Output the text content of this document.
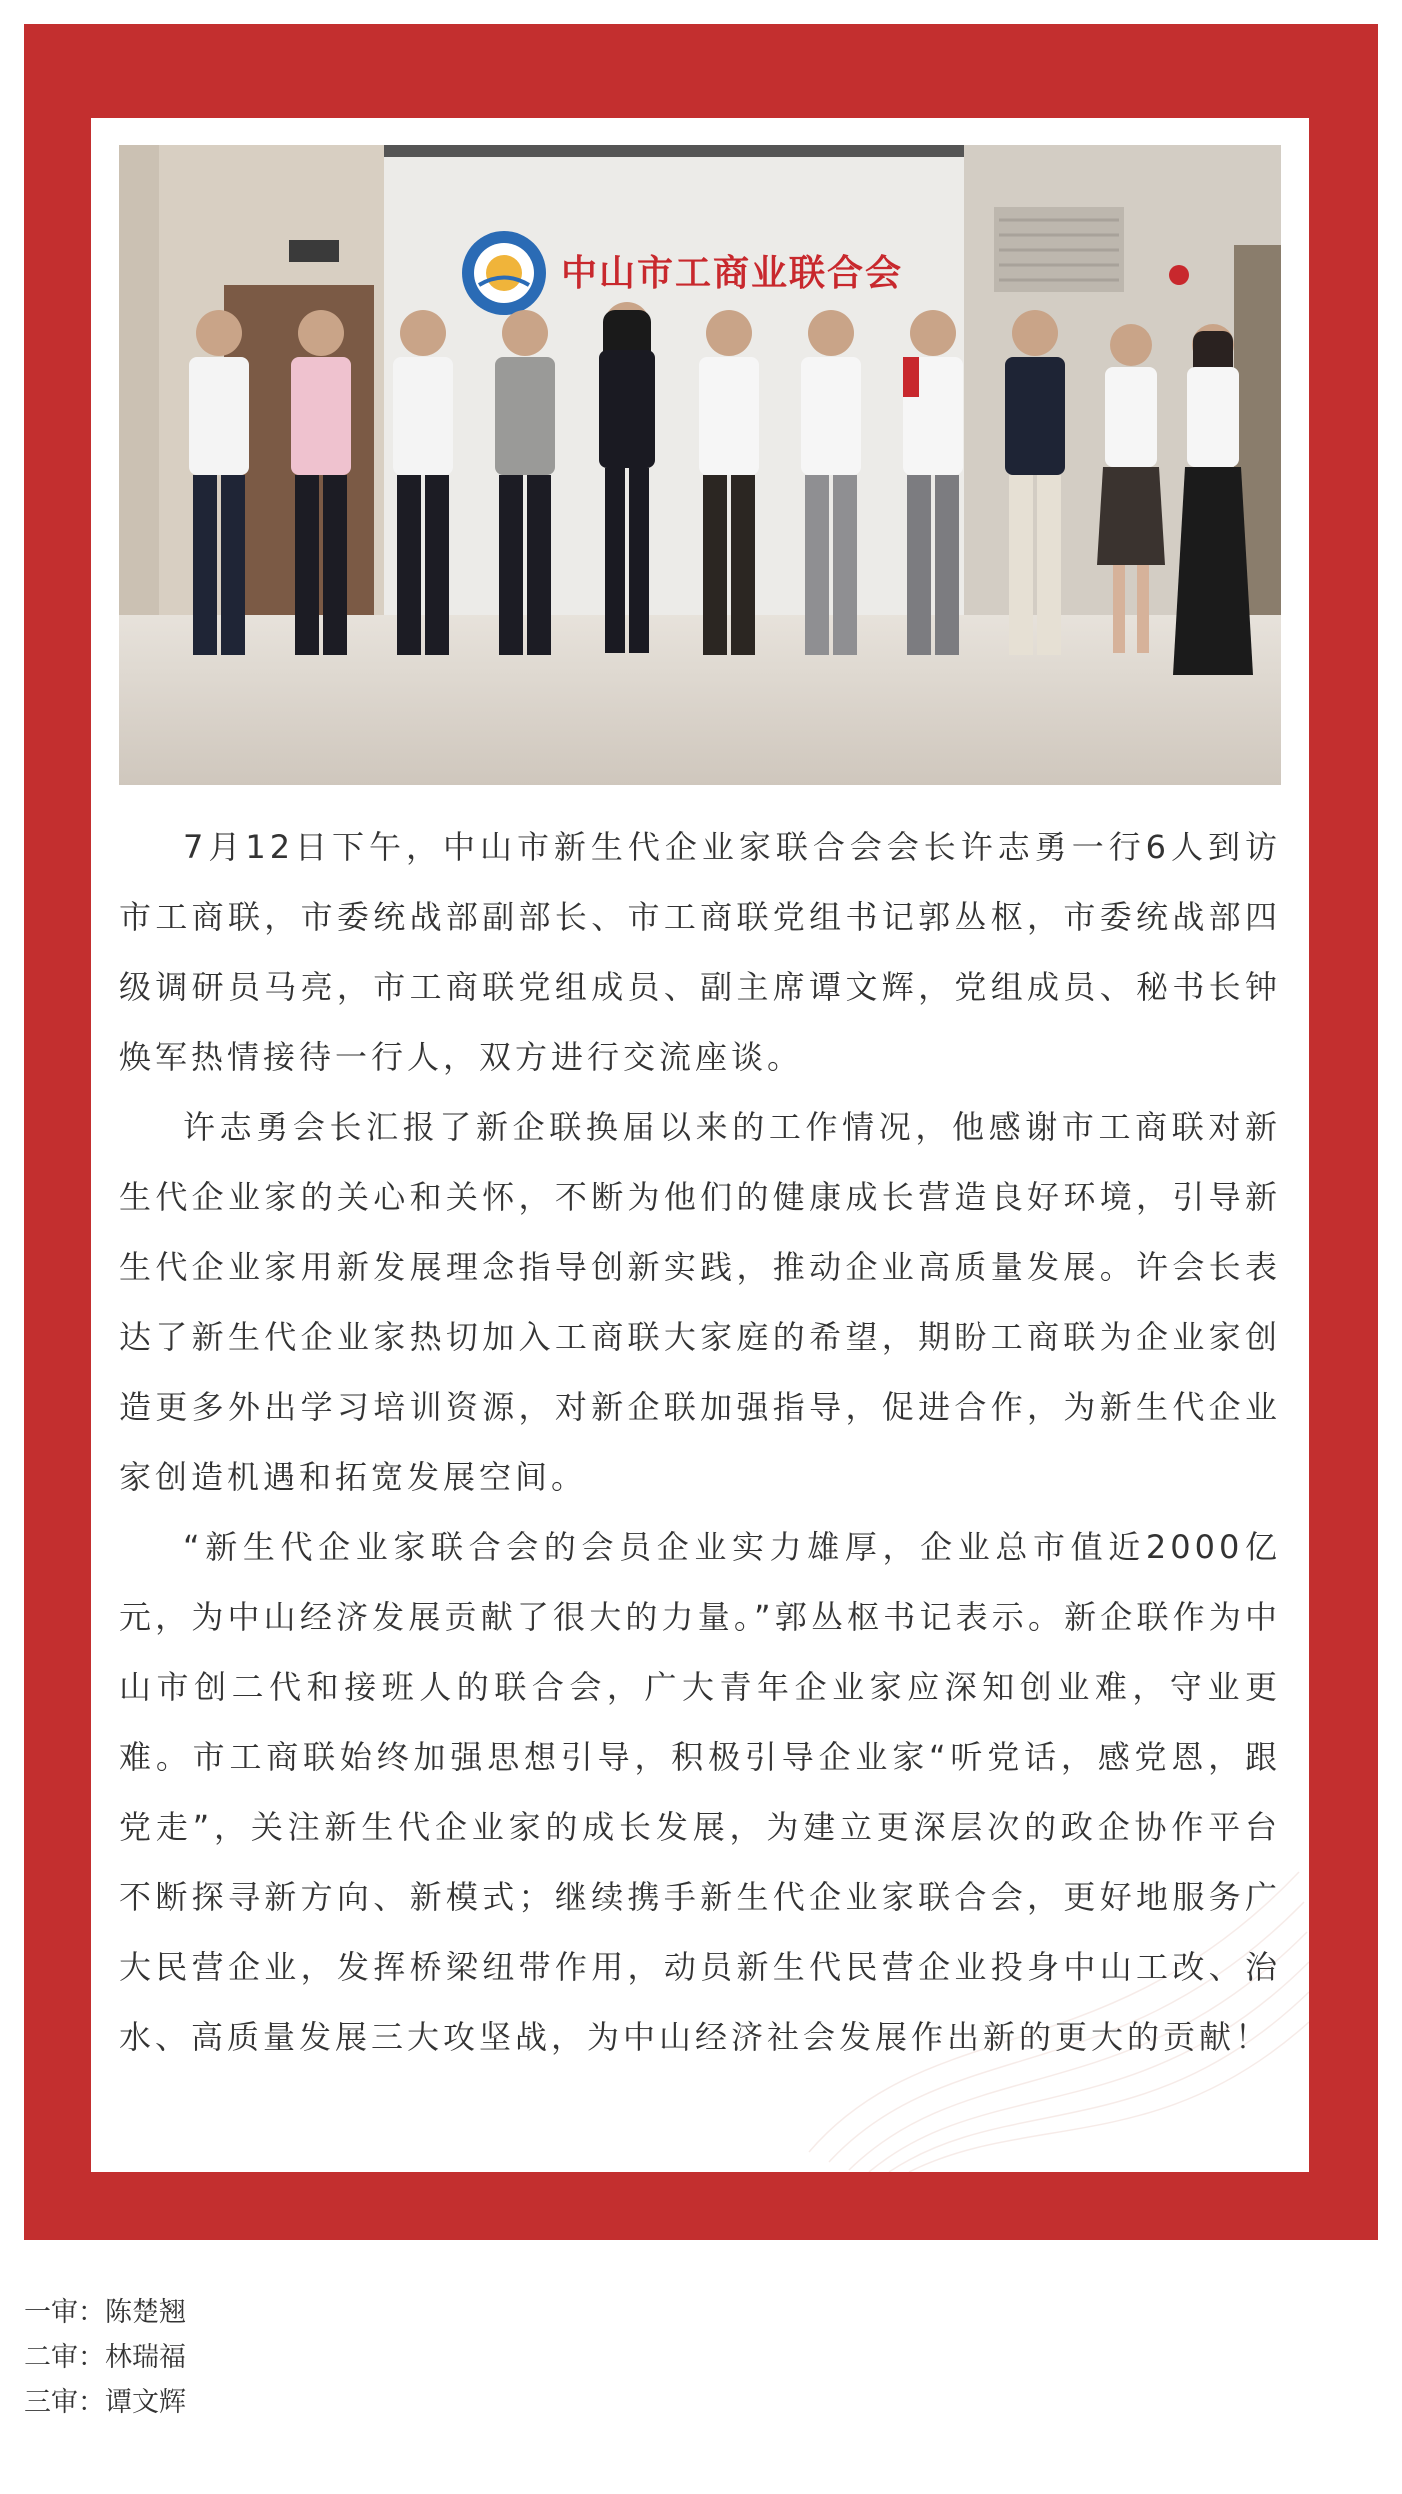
中山市工商业联合会

7月12日下午，中山市新生代企业家联合会会长许志勇一行6人到访市工商联，市委统战部副部长、市工商联党组书记郭丛枢，市委统战部四级调研员马亮，市工商联党组成员、副主席谭文辉，党组成员、秘书长钟焕军热情接待一行人，双方进行交流座谈。

许志勇会长汇报了新企联换届以来的工作情况，他感谢市工商联对新生代企业家的关心和关怀，不断为他们的健康成长营造良好环境，引导新生代企业家用新发展理念指导创新实践，推动企业高质量发展。许会长表达了新生代企业家热切加入工商联大家庭的希望，期盼工商联为企业家创造更多外出学习培训资源，对新企联加强指导，促进合作，为新生代企业家创造机遇和拓宽发展空间。

“新生代企业家联合会的会员企业实力雄厚，企业总市值近2000亿元，为中山经济发展贡献了很大的力量。”郭丛枢书记表示。新企联作为中山市创二代和接班人的联合会，广大青年企业家应深知创业难，守业更难。市工商联始终加强思想引导，积极引导企业家“听党话，感党恩，跟党走”，关注新生代企业家的成长发展，为建立更深层次的政企协作平台不断探寻新方向、新模式；继续携手新生代企业家联合会，更好地服务广大民营企业，发挥桥梁纽带作用，动员新生代民营企业投身中山工改、治水、高质量发展三大攻坚战，为中山经济社会发展作出新的更大的贡献！

一审：陈楚翘
二审：林瑞福
三审：谭文辉
